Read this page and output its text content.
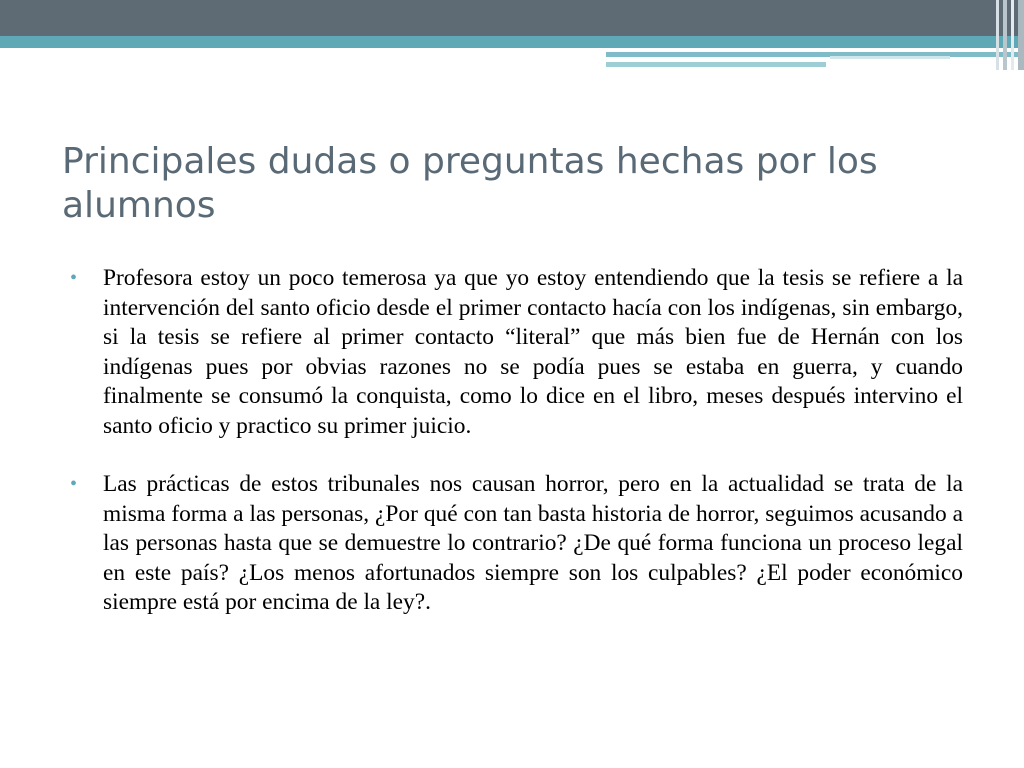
Principales dudas o preguntas hechas por los alumnos
• Profesora estoy un poco temerosa ya que yo estoy entendiendo que la tesis se refiere a la intervención del santo oficio desde el primer contacto hacía con los indígenas, sin embargo, si la tesis se refiere al primer contacto “literal” que más bien fue de Hernán con los indígenas pues por obvias razones no se podía pues se estaba en guerra, y cuando finalmente se consumó la conquista, como lo dice en el libro, meses después intervino el santo oficio y practico su primer juicio.
• Las prácticas de estos tribunales nos causan horror, pero en la actualidad se trata de la misma forma a las personas, ¿Por qué con tan basta historia de horror, seguimos acusando a las personas hasta que se demuestre lo contrario? ¿De qué forma funciona un proceso legal en este país? ¿Los menos afortunados siempre son los culpables? ¿El poder económico siempre está por encima de la ley?.
